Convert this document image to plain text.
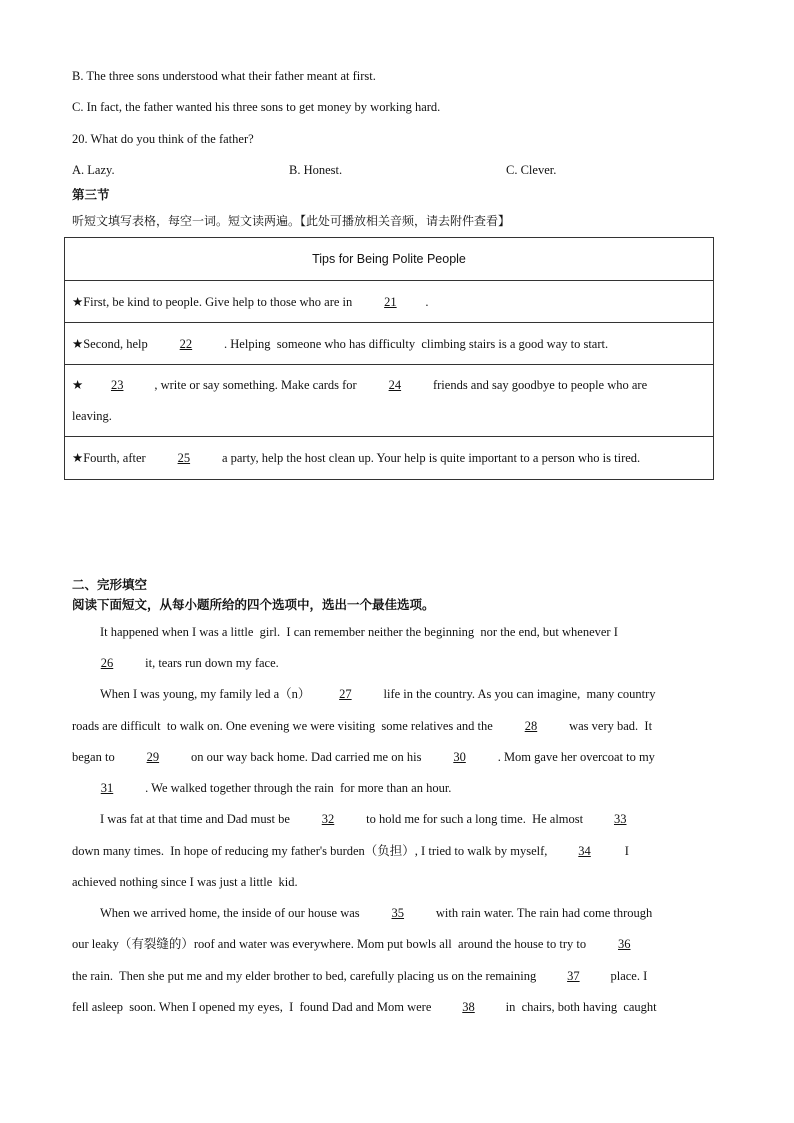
B. The three sons understood what their father meant at first.
C. In fact, the father wanted his three sons to get money by working hard.
20. What do you think of the father?
A. Lazy.	B. Honest.	C. Clever.
第三节
听短文填写表格，每空一词。短文读两遍。【此处可播放相关音频，请去附件查看】
Tips for Being Polite People
★First, be kind to people. Give help to those who are in 21 .
★Second, help 22 . Helping  someone who has difficulty  climbing stairs is a good way to start.
★ 23 , write or say something. Make cards for 24 friends and say goodbye to people who are
leaving.
★Fourth, after 25 a party, help the host clean up. Your help is quite important to a person who is tired.
二、完形填空
阅读下面短文，从每小题所给的四个选项中，选出一个最佳选项。
It happened when I was a little  girl.  I can remember neither the beginning  nor the end, but whenever I
26 it, tears run down my face.
When I was young, my family led a（n） 27 life in the country. As you can imagine,  many country
roads are difficult  to walk on. One evening we were visiting  some relatives and the 28 was very bad.  It
began to 29 on our way back home. Dad carried me on his 30 . Mom gave her overcoat to my
31 . We walked together through the rain  for more than an hour.
I was fat at that time and Dad must be 32 to hold me for such a long time.  He almost 33
down many times.  In hope of reducing my father's burden（负担）, I tried to walk by myself, 34  I
achieved nothing since I was just a little  kid.
When we arrived home, the inside of our house was 35 with rain water. The rain had come through
our leaky（有裂缝的）roof and water was everywhere. Mom put bowls all  around the house to try to 36
the rain.  Then she put me and my elder brother to bed, carefully placing us on the remaining 37 place. I
fell asleep  soon. When I opened my eyes,  I  found Dad and Mom were 38 in  chairs, both having  caught
